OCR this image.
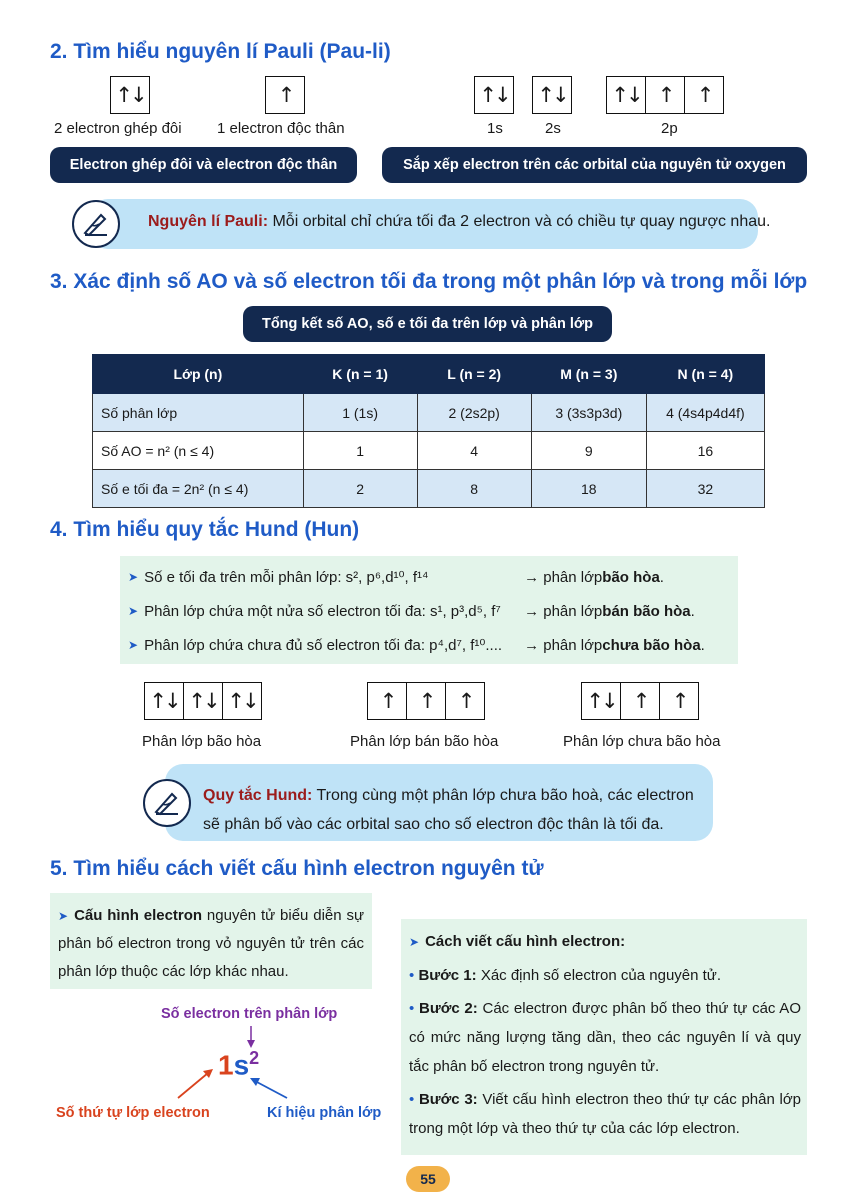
2. Tìm hiểu nguyên lí Pauli (Pau-li)
↑↓	↑	↑↓ ↑↓ ↑↓ ↑	↑
2 electron ghép đôi 1 electron độc thân	1s	2s	2p
Electron ghép đôi và electron độc thân	Sắp xếp electron trên các orbital của nguyên tử oxygen
Nguyên lí Pauli: Mỗi orbital chỉ chứa tối đa 2 electron và có chiều tự quay ngược nhau.
3. Xác định số AO và số electron tối đa trong một phân lớp và trong mỗi lớp
Tổng kết số AO, số e tối đa trên lớp và phân lớp
Lớp (n)	K (n = 1)	L (n = 2)	M (n = 3)	N (n = 4)
Số phân lớp	1 (1s)	2 (2s2p)	3 (3s3p3d)	4 (4s4p4d4f)
Số AO = n² (n ≤ 4)	1	4	9	16
Số e tối đa = 2n² (n ≤ 4)	2	8	18	32
4. Tìm hiểu quy tắc Hund (Hun)
➤ Số e tối đa trên mỗi phân lớp: s², p⁶,d¹⁰, f¹⁴	→ phân lớp bão hòa .
➤ Phân lớp chứa một nửa số electron tối đa: s¹, p³,d⁵, f⁷	→ phân lớp bán bão hòa .
➤ Phân lớp chứa chưa đủ số electron tối đa: p⁴,d⁷, f¹⁰....	→ phân lớp chưa bão hòa .
↑↓ ↑↓ ↑↓	↑	↑	↑	↑↓ ↑	↑
Phân lớp bão hòa	Phân lớp bán bão hòa	Phân lớp chưa bão hòa
Quy tắc Hund: Trong cùng một phân lớp chưa bão hoà, các electron
sẽ phân bố vào các orbital sao cho số electron độc thân là tối đa.
5. Tìm hiểu cách viết cấu hình electron nguyên tử

➤ Cấu hình electron nguyên tử biểu diễn sự phân bố electron trong vỏ nguyên tử trên các phân lớp thuộc các lớp khác nhau.

Số electron trên phân lớp
$1s^2$
Số thứ tự lớp electron	Kí hiệu phân lớp

➤ Cách viết cấu hình electron:

• Bước 1: Xác định số electron của nguyên tử.

• Bước 2: Các electron được phân bố theo thứ tự các AO có mức năng lượng tăng dần, theo các nguyên lí và quy tắc phân bố electron trong nguyên tử.

• Bước 3: Viết cấu hình electron theo thứ tự các phân lớp trong một lớp và theo thứ tự của các lớp electron.

55
